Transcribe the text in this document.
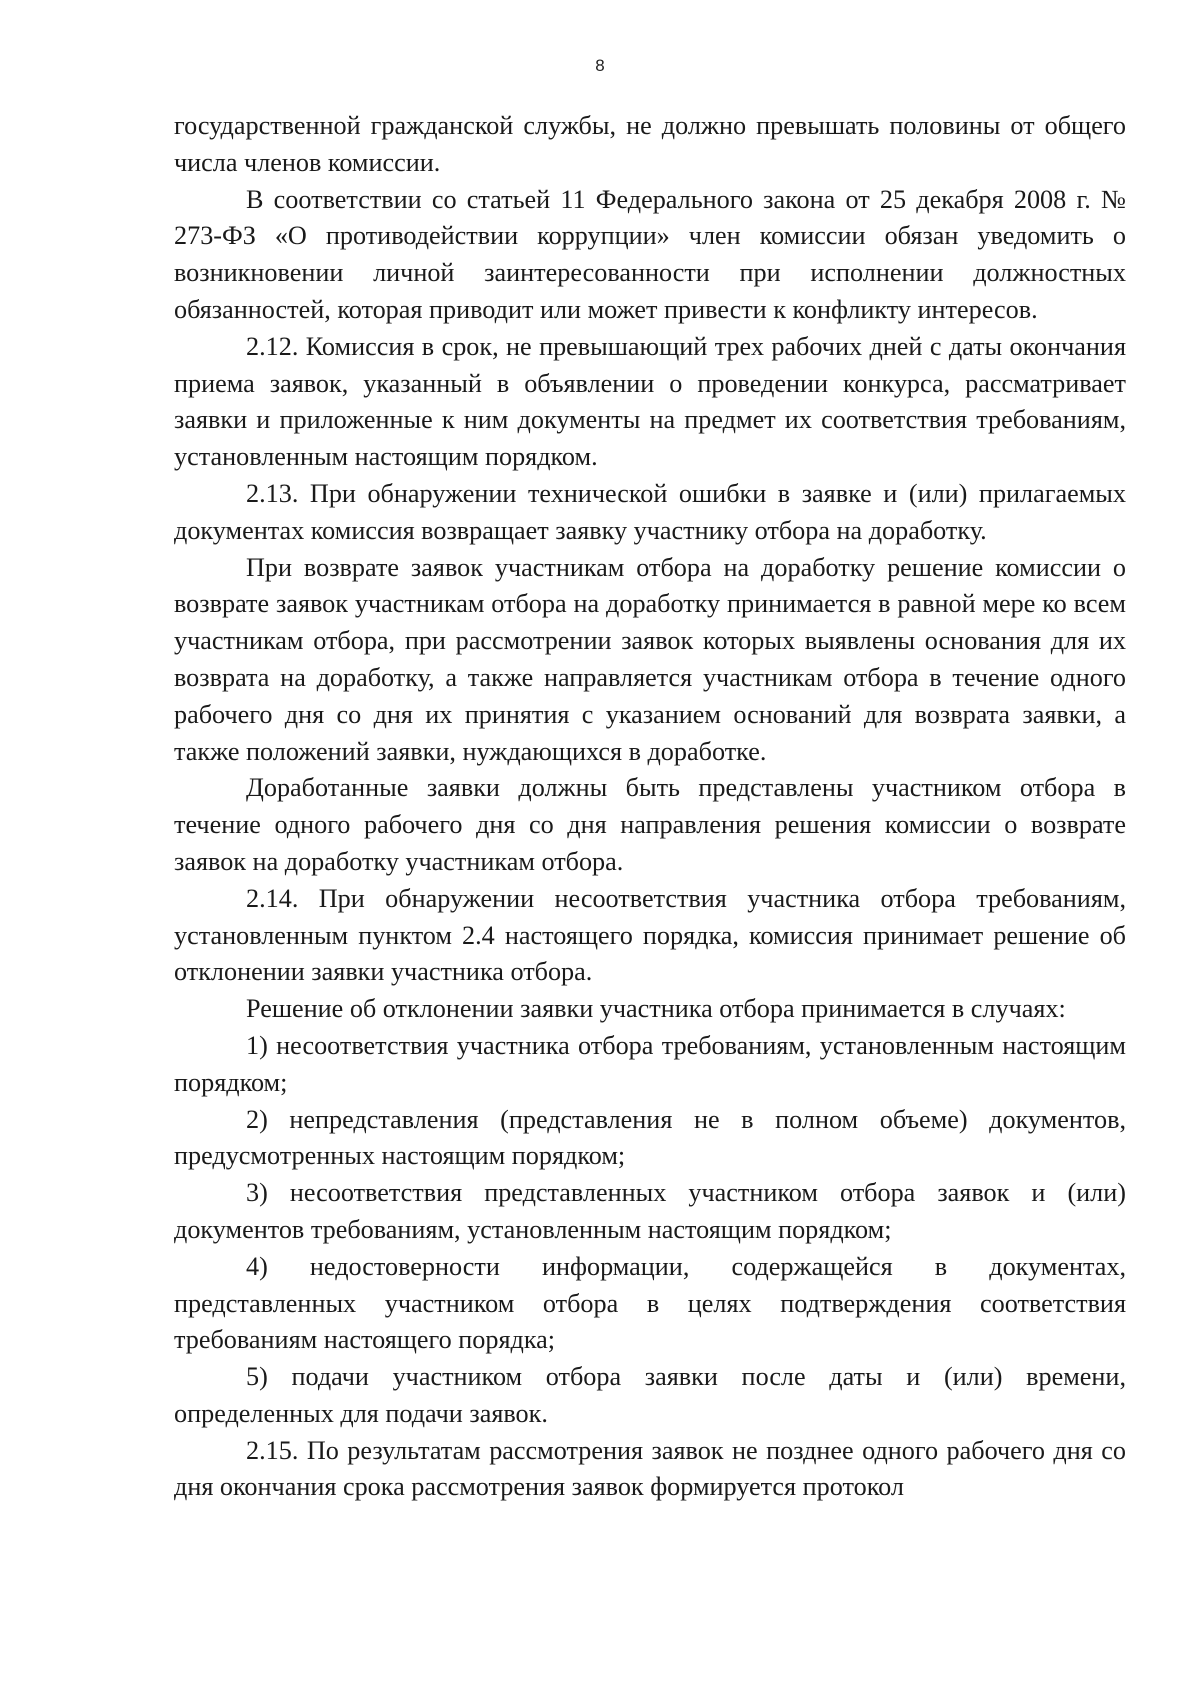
8

государственной гражданской службы, не должно превышать половины от общего числа членов комиссии.

В соответствии со статьей 11 Федерального закона от 25 декабря 2008 г. № 273-ФЗ «О противодействии коррупции» член комиссии обязан уведомить о возникновении личной заинтересованности при исполнении должностных обязанностей, которая приводит или может привести к конфликту интересов.

2.12. Комиссия в срок, не превышающий трех рабочих дней с даты окончания приема заявок, указанный в объявлении о проведении конкурса, рассматривает заявки и приложенные к ним документы на предмет их соответствия требованиям, установленным настоящим порядком.

2.13. При обнаружении технической ошибки в заявке и (или) прилагаемых документах комиссия возвращает заявку участнику отбора на доработку.

При возврате заявок участникам отбора на доработку решение комиссии о возврате заявок участникам отбора на доработку принимается в равной мере ко всем участникам отбора, при рассмотрении заявок которых выявлены основания для их возврата на доработку, а также направляется участникам отбора в течение одного рабочего дня со дня их принятия с указанием оснований для возврата заявки, а также положений заявки, нуждающихся в доработке.

Доработанные заявки должны быть представлены участником отбора в течение одного рабочего дня со дня направления решения комиссии о возврате заявок на доработку участникам отбора.

2.14. При обнаружении несоответствия участника отбора требованиям, установленным пунктом 2.4 настоящего порядка, комиссия принимает решение об отклонении заявки участника отбора.

Решение об отклонении заявки участника отбора принимается в случаях:

1) несоответствия участника отбора требованиям, установленным настоящим порядком;

2) непредставления (представления не в полном объеме) документов, предусмотренных настоящим порядком;

3) несоответствия представленных участником отбора заявок и (или) документов требованиям, установленным настоящим порядком;

4) недостоверности информации, содержащейся в документах, представленных участником отбора в целях подтверждения соответствия требованиям настоящего порядка;

5) подачи участником отбора заявки после даты и (или) времени, определенных для подачи заявок.

2.15. По результатам рассмотрения заявок не позднее одного рабочего дня со дня окончания срока рассмотрения заявок формируется протокол
